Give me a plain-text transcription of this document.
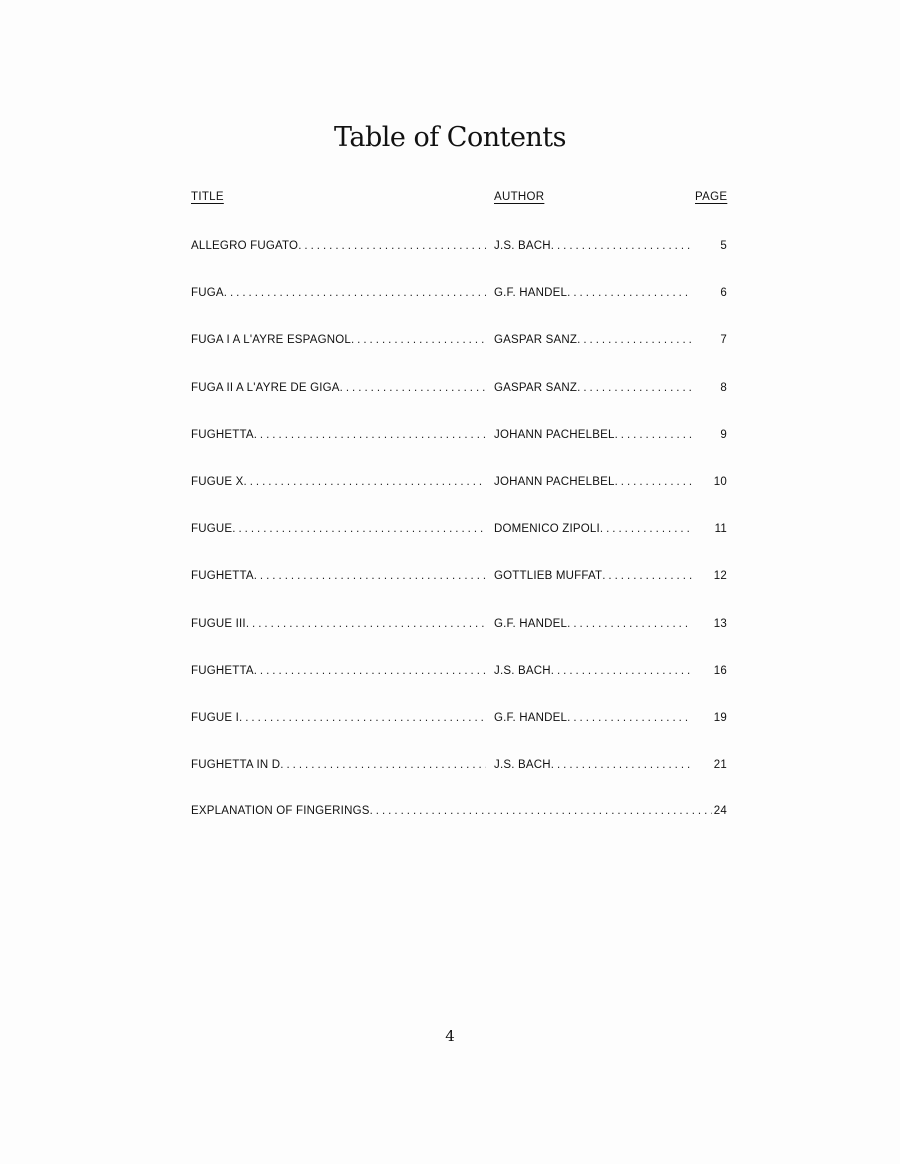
Table of Contents
TITLE	AUTHOR	PAGE
ALLEGRO FUGATO .....	J.S. BACH .....	5
FUGA .....	G.F. HANDEL .....	6
FUGA I A L'AYRE ESPAGNOL .....	GASPAR SANZ .....	7
FUGA II A L'AYRE DE GIGA .....	GASPAR SANZ .....	8
FUGHETTA .....	JOHANN PACHELBEL .....	9
FUGUE X .....	JOHANN PACHELBEL .....	10
FUGUE .....	DOMENICO ZIPOLI .....	11
FUGHETTA .....	GOTTLIEB MUFFAT .....	12
FUGUE III .....	G.F. HANDEL .....	13
FUGHETTA .....	J.S. BACH .....	16
FUGUE I .....	G.F. HANDEL .....	19
FUGHETTA IN D .....	J.S. BACH .....	21
EXPLANATION OF FINGERINGS .....	24
4
